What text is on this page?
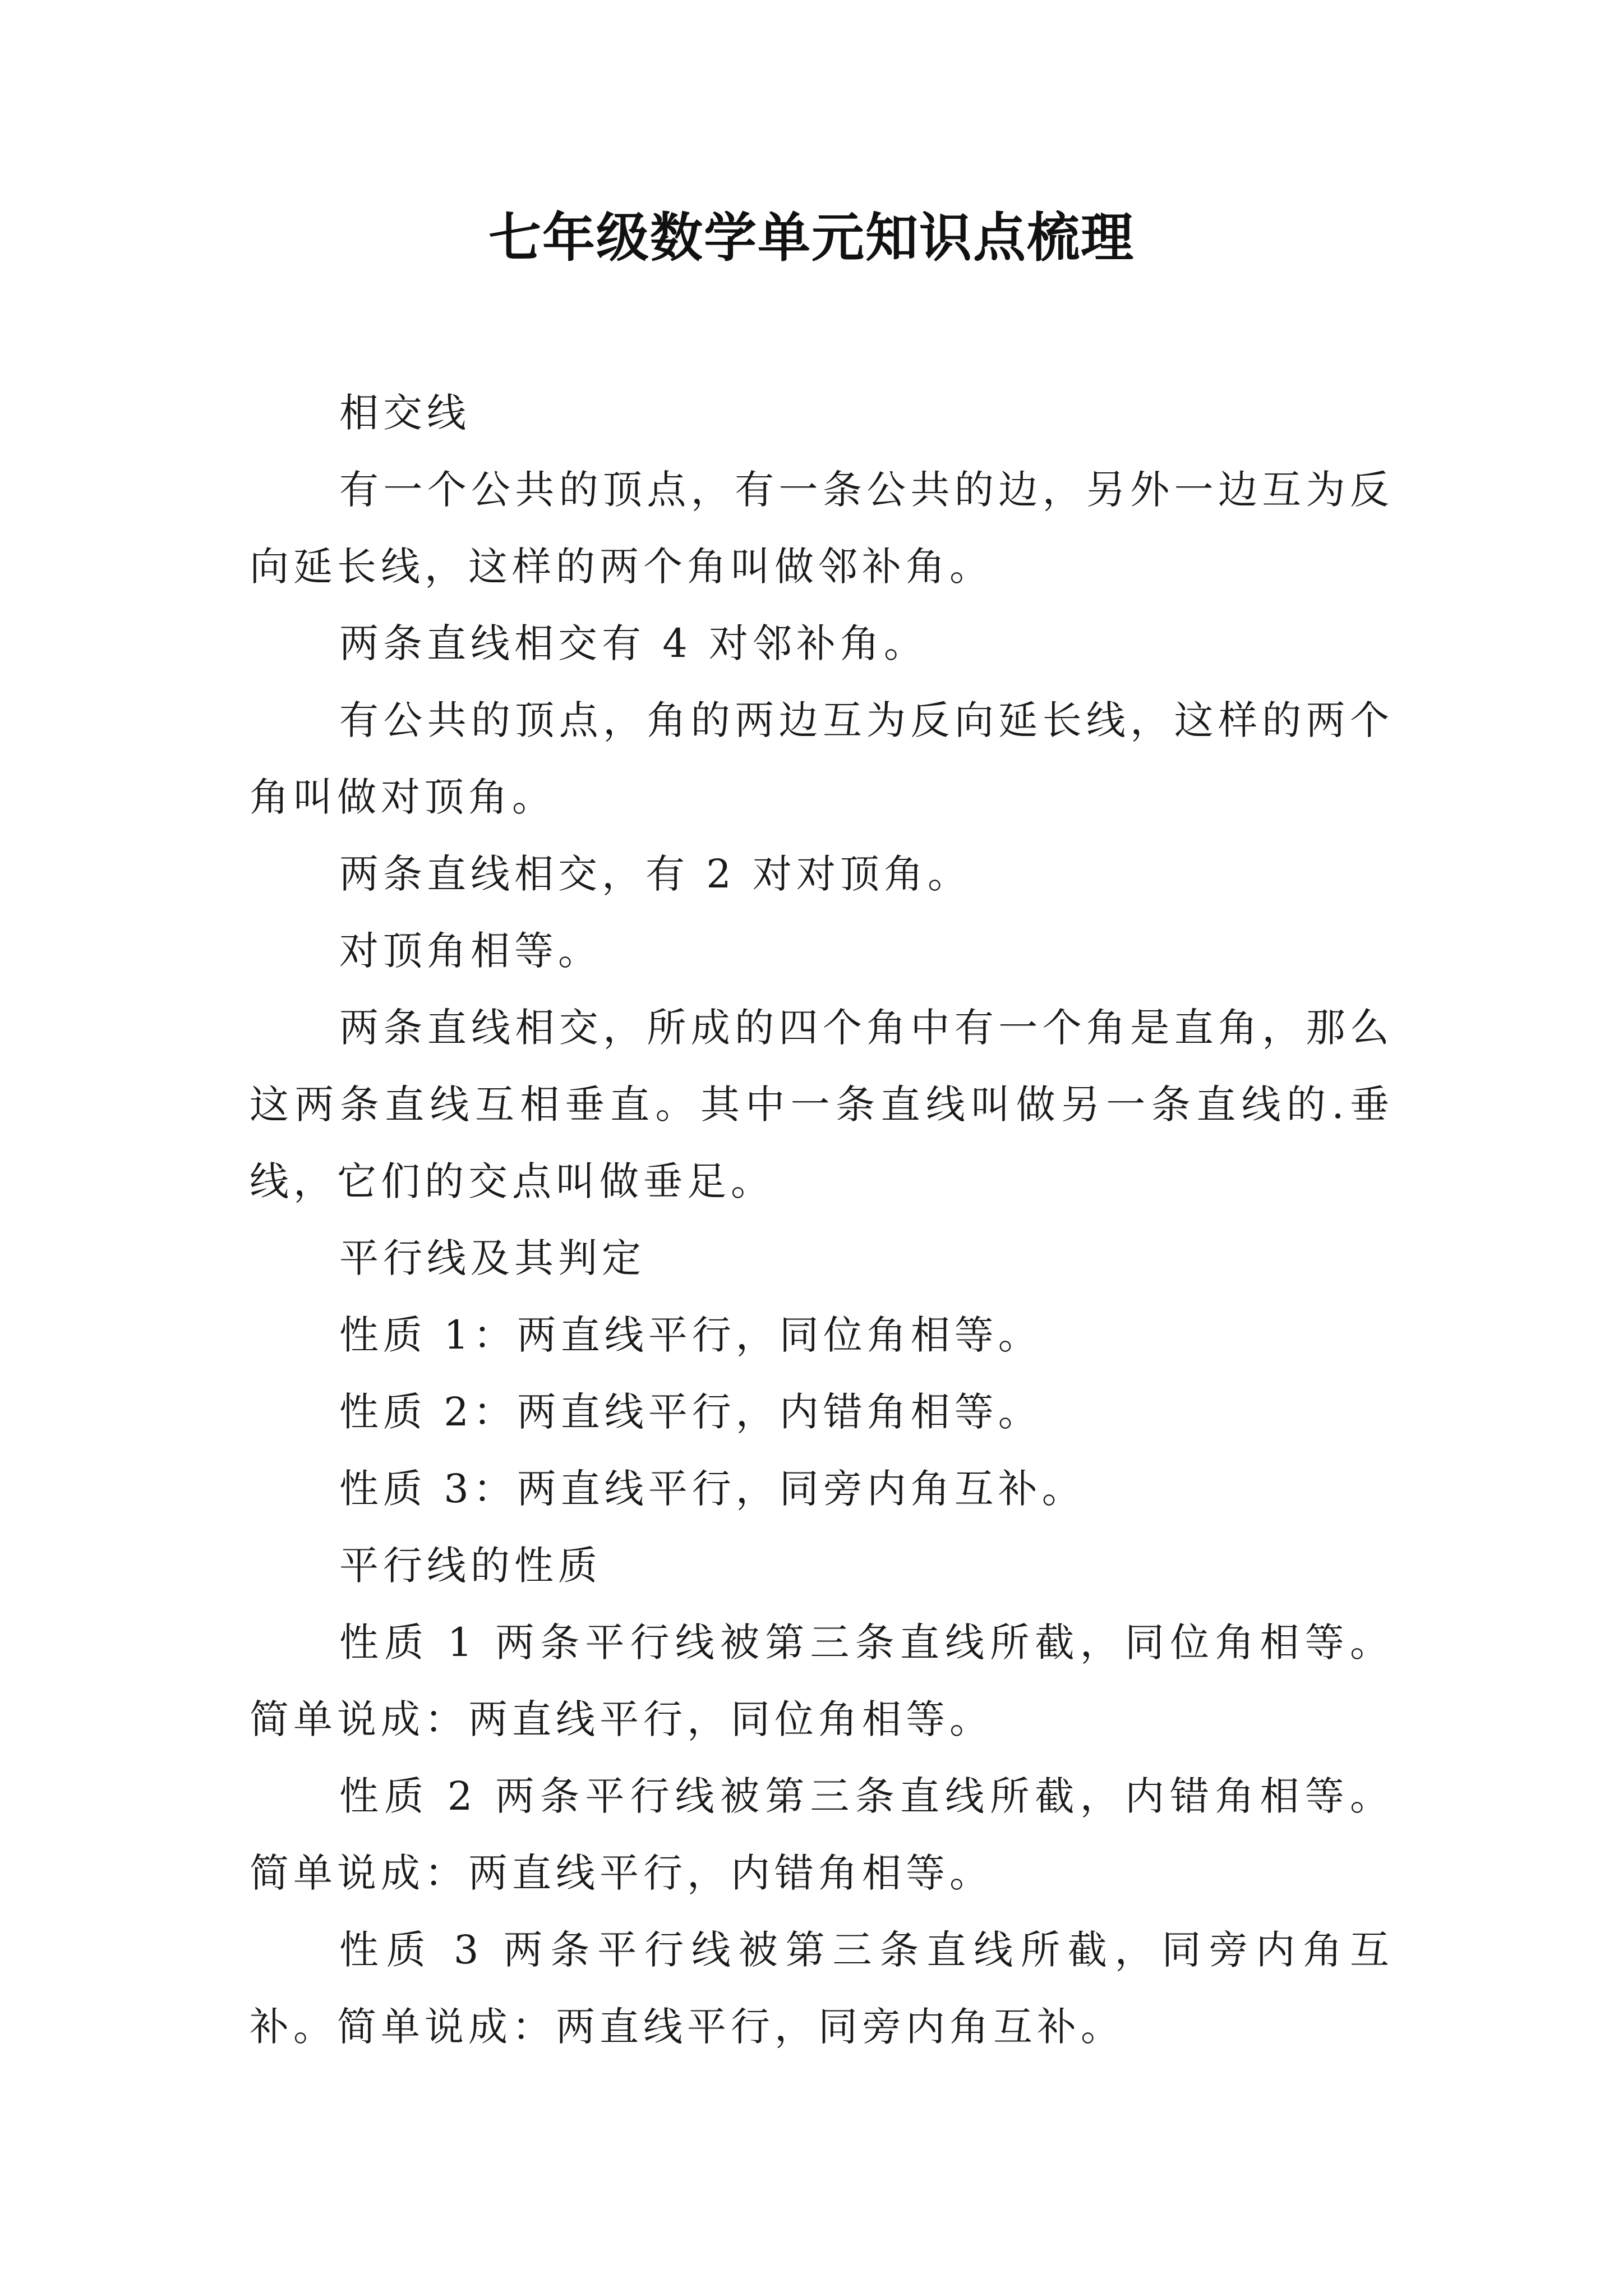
七年级数学单元知识点梳理

相交线

有一个公共的顶点，有一条公共的边，另外一边互为反向延长线，这样的两个角叫做邻补角。

两条直线相交有 4 对邻补角。

有公共的顶点，角的两边互为反向延长线，这样的两个角叫做对顶角。

两条直线相交，有 2 对对顶角。

对顶角相等。

两条直线相交，所成的四个角中有一个角是直角，那么这两条直线互相垂直。其中一条直线叫做另一条直线的.垂线，它们的交点叫做垂足。

平行线及其判定

性质 1：两直线平行，同位角相等。

性质 2：两直线平行，内错角相等。

性质 3：两直线平行，同旁内角互补。

平行线的性质

性质 1 两条平行线被第三条直线所截，同位角相等。简单说成：两直线平行，同位角相等。

性质 2 两条平行线被第三条直线所截，内错角相等。简单说成：两直线平行，内错角相等。

性质 3 两条平行线被第三条直线所截，同旁内角互补。简单说成：两直线平行，同旁内角互补。
